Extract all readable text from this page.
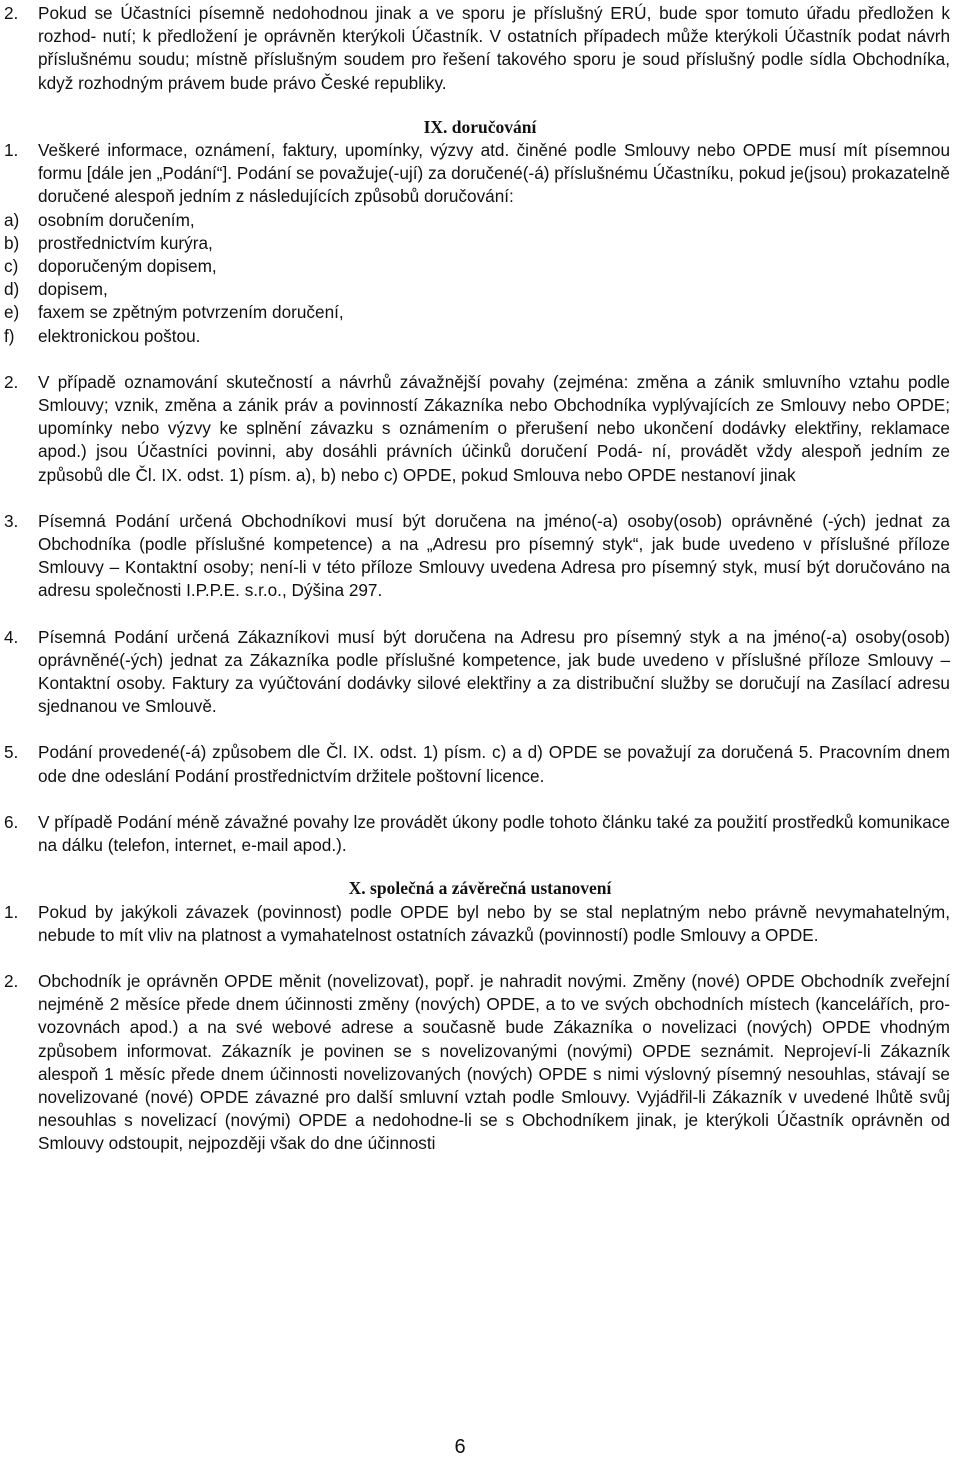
2. Pokud se Účastníci písemně nedohodnou jinak a ve sporu je příslušný ERÚ, bude spor tomuto úřadu předložen k rozhod- nutí; k předložení je oprávněn kterýkoli Účastník. V ostatních případech může kterýkoli Účastník podat návrh příslušnému soudu; místně příslušným soudem pro řešení takového sporu je soud příslušný podle sídla Obchodníka, když rozhodným právem bude právo České republiky.
IX. doručování
1. Veškeré informace, oznámení, faktury, upomínky, výzvy atd. činěné podle Smlouvy nebo OPDE musí mít písemnou formu [dále jen „Podání“]. Podání se považuje(-ují) za doručené(-á) příslušnému Účastníku, pokud je(jsou) prokazatelně doručené alespoň jedním z následujících způsobů doručování:
a) osobním doručením,
b) prostřednictvím kurýra,
c) doporučeným dopisem,
d) dopisem,
e) faxem se zpětným potvrzením doručení,
f) elektronickou poštou.
2. V případě oznamování skutečností a návrhů závažnější povahy (zejména: změna a zánik smluvního vztahu podle Smlouvy; vznik, změna a zánik práv a povinností Zákazníka nebo Obchodníka vyplývajících ze Smlouvy nebo OPDE; upomínky nebo výzvy ke splnění závazku s oznámením o přerušení nebo ukončení dodávky elektřiny, reklamace apod.) jsou Účastníci povinni, aby dosáhli právních účinků doručení Podá- ní, provádět vždy alespoň jedním ze způsobů dle Čl. IX. odst. 1) písm. a), b) nebo c) OPDE, pokud Smlouva nebo OPDE nestanoví jinak
3. Písemná Podání určená Obchodníkovi musí být doručena na jméno(-a) osoby(osob) oprávněné (-ých) jednat za Obchodníka (podle příslušné kompetence) a na „Adresu pro písemný styk“, jak bude uvedeno v příslušné příloze Smlouvy – Kontaktní osoby; není-li v této příloze Smlouvy uvedena Adresa pro písemný styk, musí být doručováno na adresu společnosti I.P.P.E. s.r.o., Dýšina 297.
4. Písemná Podání určená Zákazníkovi musí být doručena na Adresu pro písemný styk a na jméno(-a) osoby(osob) oprávněné(-ých) jednat za Zákazníka podle příslušné kompetence, jak bude uvedeno v příslušné příloze Smlouvy – Kontaktní osoby. Faktury za vyúčtování dodávky silové elektřiny a za distribuční služby se doručují na Zasílací adresu sjednanou ve Smlouvě.
5. Podání provedené(-á) způsobem dle Čl. IX. odst. 1) písm. c) a d) OPDE se považují za doručená 5. Pracovním dnem ode dne odeslání Podání prostřednictvím držitele poštovní licence.
6. V případě Podání méně závažné povahy lze provádět úkony podle tohoto článku také za použití prostředků komunikace na dálku (telefon, internet, e-mail apod.).
X. společná a závěrečná ustanovení
1. Pokud by jakýkoli závazek (povinnost) podle OPDE byl nebo by se stal neplatným nebo právně nevymahatelným, nebude to mít vliv na platnost a vymahatelnost ostatních závazků (povinností) podle Smlouvy a OPDE.
2. Obchodník je oprávněn OPDE měnit (novelizovat), popř. je nahradit novými. Změny (nové) OPDE Obchodník zveřejní nejméně 2 měsíce přede dnem účinnosti změny (nových) OPDE, a to ve svých obchodních místech (kancelářích, pro- vozovnách apod.) a na své webové adrese a současně bude Zákazníka o novelizaci (nových) OPDE vhodným způsobem informovat. Zákazník je povinen se s novelizovanými (novými) OPDE seznámit. Neprojeví-li Zákazník alespoň 1 měsíc přede dnem účinnosti novelizovaných (nových) OPDE s nimi výslovný písemný nesouhlas, stávají se novelizované (nové) OPDE závazné pro další smluvní vztah podle Smlouvy. Vyjádřil-li Zákazník v uvedené lhůtě svůj nesouhlas s novelizací (novými) OPDE a nedohodne-li se s Obchodníkem jinak, je kterýkoli Účastník oprávněn od Smlouvy odstoupit, nejpozději však do dne účinnosti
6
